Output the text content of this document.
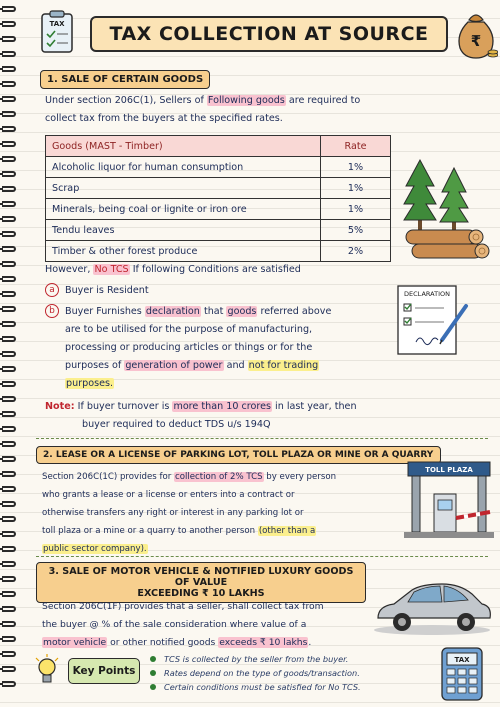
TAX	TAX COLLECTION AT SOURCE	₹
1. SALE OF CERTAIN GOODS
Under section 206C(1), Sellers of Following goods are required to
collect tax from the buyers at the specified rates.
Goods (MAST - Timber)	Rate
Alcoholic liquor for human consumption	1%
Scrap	1%
Minerals, being coal or lignite or iron ore	1%
Tendu leaves	5%
Timber & other forest produce	2%
However, No TCS If following Conditions are satisfied
a Buyer is Resident
b Buyer Furnishes declaration that goods referred above
are to be utilised for the purpose of manufacturing,
processing or producing articles or things or for the
purposes of generation of power and not for trading
purposes.
DECLARATION
Note: If buyer turnover is more than 10 crores in last year, then
buyer required to deduct TDS u/s 194Q
2. LEASE OR A LICENSE OF PARKING LOT, TOLL PLAZA OR MINE OR A QUARRY
Section 206C(1C) provides for collection of 2% TCS by every person
who grants a lease or a license or enters into a contract or
otherwise transfers any right or interest in any parking lot or
toll plaza or a mine or a quarry to another person (other than a
public sector company).
TOLL PLAZA
3. SALE OF MOTOR VEHICLE & NOTIFIED LUXURY GOODS OF VALUE
EXCEEDING ₹ 10 LAKHS
Section 206C(1F) provides that a seller, shall collect tax from
the buyer @ % of the sale consideration where value of a
motor vehicle or other notified goods exceeds ₹ 10 lakhs.
Key Points
TCS is collected by the seller from the buyer.
Rates depend on the type of goods/transaction.
Certain conditions must be satisfied for No TCS.
TAX
